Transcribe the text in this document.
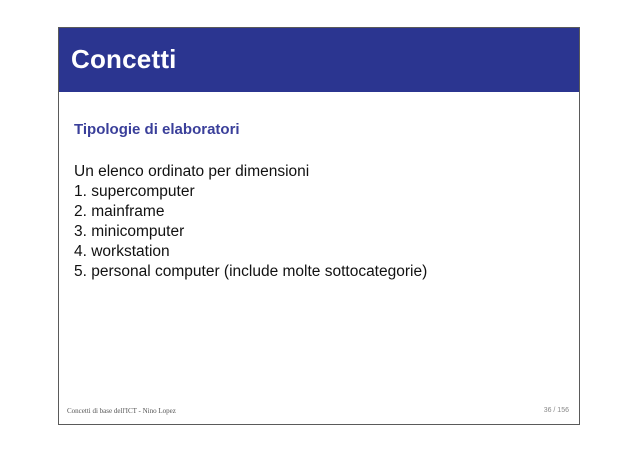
Concetti
Tipologie di elaboratori
Un elenco ordinato per dimensioni
1. supercomputer
2. mainframe
3. minicomputer
4. workstation
5. personal computer (include molte sottocategorie)
Concetti di base dell'ICT - Nino Lopez	36 / 156
